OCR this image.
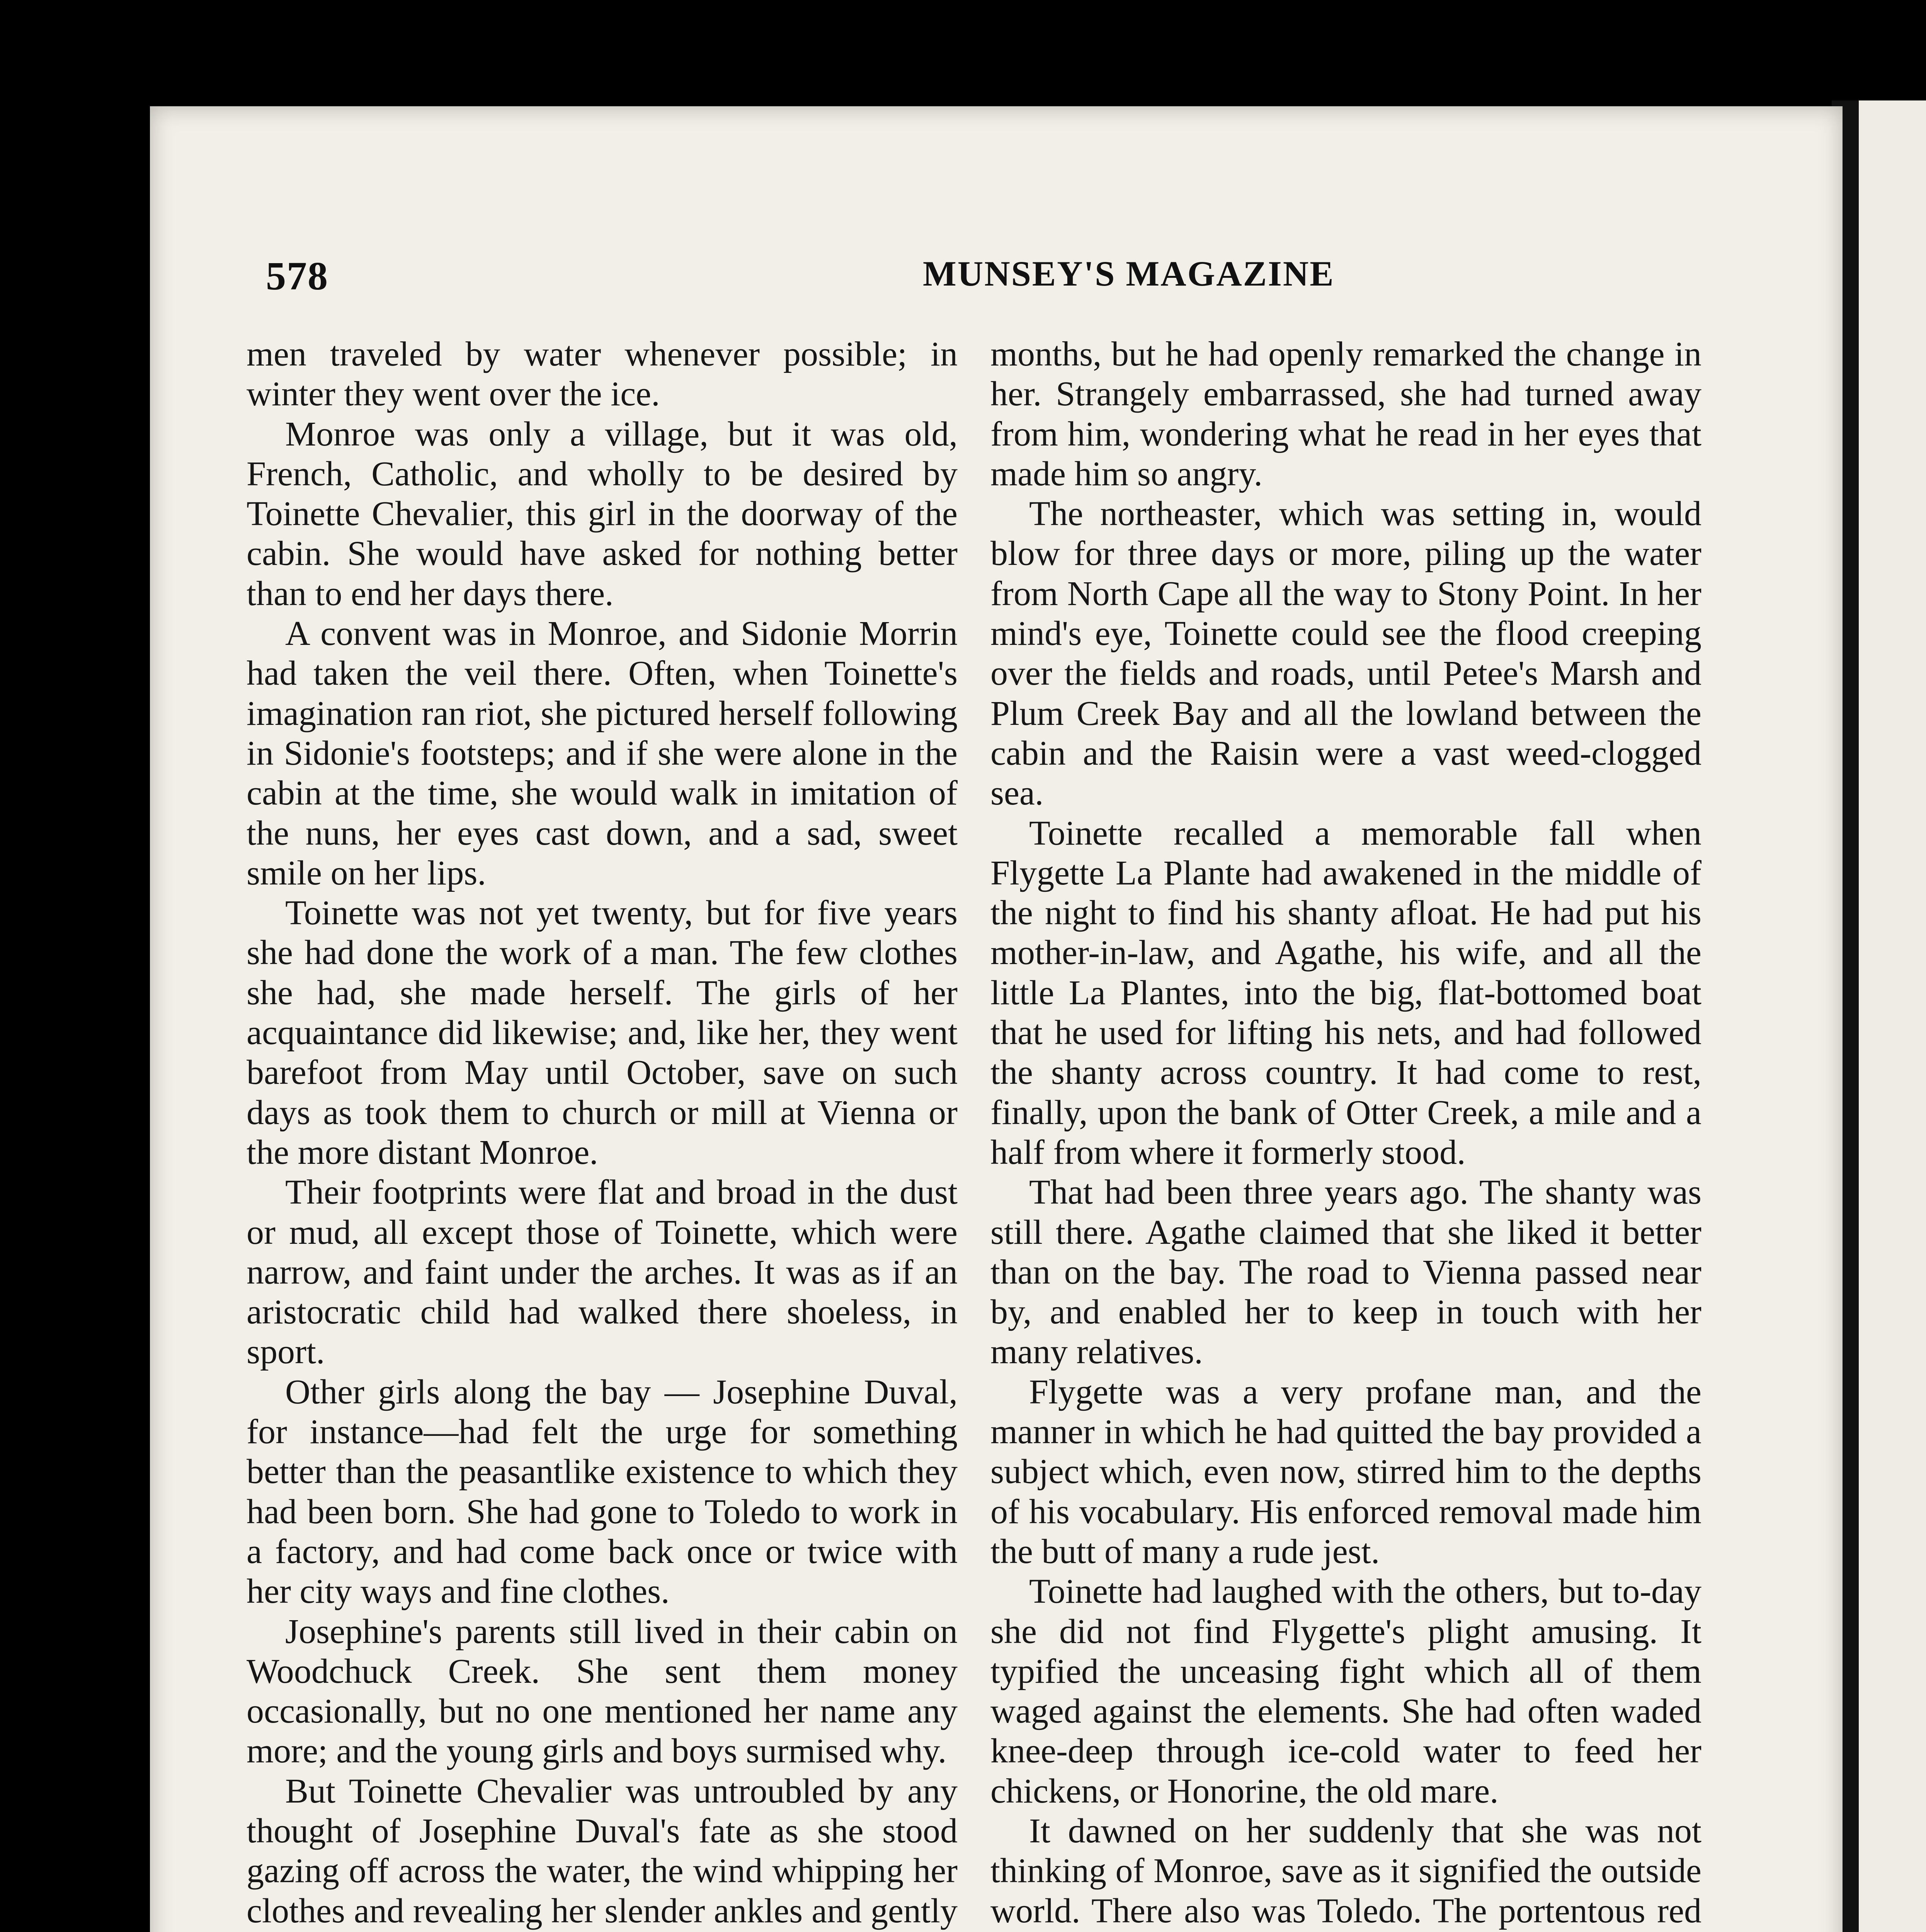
578	MUNSEY'S MAGAZINE

men traveled by water whenever possible; in winter they went over the ice.

Monroe was only a village, but it was old, French, Catholic, and wholly to be desired by Toinette Chevalier, this girl in the doorway of the cabin. She would have asked for nothing better than to end her days there.

A convent was in Monroe, and Sidonie Morrin had taken the veil there. Often, when Toinette's imagination ran riot, she pictured herself following in Sidonie's footsteps; and if she were alone in the cabin at the time, she would walk in imitation of the nuns, her eyes cast down, and a sad, sweet smile on her lips.

Toinette was not yet twenty, but for five years she had done the work of a man. The few clothes she had, she made herself. The girls of her acquaintance did likewise; and, like her, they went barefoot from May until October, save on such days as took them to church or mill at Vienna or the more distant Monroe.

Their footprints were flat and broad in the dust or mud, all except those of Toinette, which were narrow, and faint under the arches. It was as if an aristocratic child had walked there shoeless, in sport.

Other girls along the bay — Josephine Duval, for instance—had felt the urge for something better than the peasantlike existence to which they had been born. She had gone to Toledo to work in a factory, and had come back once or twice with her city ways and fine clothes.

Josephine's parents still lived in their cabin on Woodchuck Creek. She sent them money occasionally, but no one mentioned her name any more; and the young girls and boys surmised why.

But Toinette Chevalier was untroubled by any thought of Josephine Duval's fate as she stood gazing off across the water, the wind whipping her clothes and revealing her slender ankles and gently

months, but he had openly remarked the change in her. Strangely embarrassed, she had turned away from him, wondering what he read in her eyes that made him so angry.

The northeaster, which was setting in, would blow for three days or more, piling up the water from North Cape all the way to Stony Point. In her mind's eye, Toinette could see the flood creeping over the fields and roads, until Petee's Marsh and Plum Creek Bay and all the lowland between the cabin and the Raisin were a vast weed-clogged sea.

Toinette recalled a memorable fall when Flygette La Plante had awakened in the middle of the night to find his shanty afloat. He had put his mother-in-law, and Agathe, his wife, and all the little La Plantes, into the big, flat-bottomed boat that he used for lifting his nets, and had followed the shanty across country. It had come to rest, finally, upon the bank of Otter Creek, a mile and a half from where it formerly stood.

That had been three years ago. The shanty was still there. Agathe claimed that she liked it better than on the bay. The road to Vienna passed near by, and enabled her to keep in touch with her many relatives.

Flygette was a very profane man, and the manner in which he had quitted the bay provided a subject which, even now, stirred him to the depths of his vocabulary. His enforced removal made him the butt of many a rude jest.

Toinette had laughed with the others, but to-day she did not find Flygette's plight amusing. It typified the unceasing fight which all of them waged against the elements. She had often waded knee-deep through ice-cold water to feed her chickens, or Honorine, the old mare.

It dawned on her suddenly that she was not thinking of Monroe, save as it signified the outside world. There also was Toledo. The portentous red
